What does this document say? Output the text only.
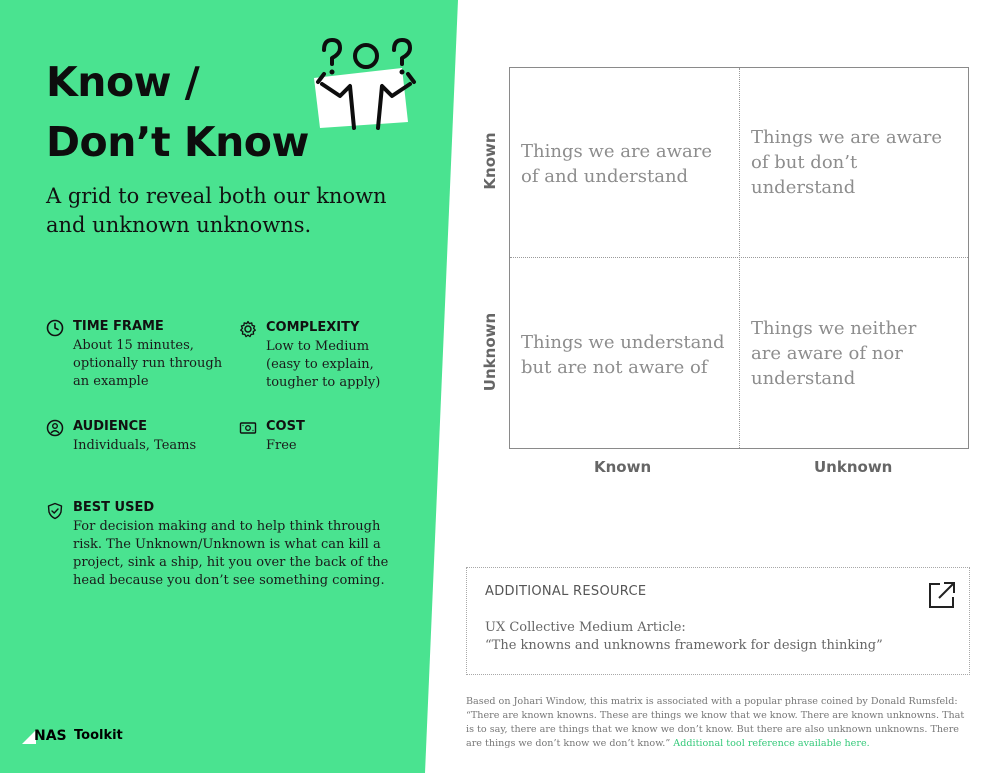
Know /
Don’t Know
A grid to reveal both our known and unknown unknowns.
TIME FRAME
About 15 minutes, optionally run through an example
COMPLEXITY
Low to Medium (easy to explain, tougher to apply)
AUDIENCE
Individuals, Teams
COST
Free
BEST USED
For decision making and to help think through risk. The Unknown/Unknown is what can kill a project, sink a ship, hit you over the back of the head because you don’t see something coming.
NAS Toolkit
Known
Unknown
Things we are aware of and understand
Things we are aware of but don’t understand
Things we understand but are not aware of
Things we neither are aware of nor understand
Known	Unknown
ADDITIONAL RESOURCE
UX Collective Medium Article:
“The knowns and unknowns framework for design thinking”
Based on Johari Window, this matrix is associated with a popular phrase coined by Donald Rumsfeld: “There are known knowns. These are things we know that we know. There are known unknowns. That is to say, there are things that we know we don’t know. But there are also unknown unknowns. There are things we don’t know we don’t know.” Additional tool reference available here.
